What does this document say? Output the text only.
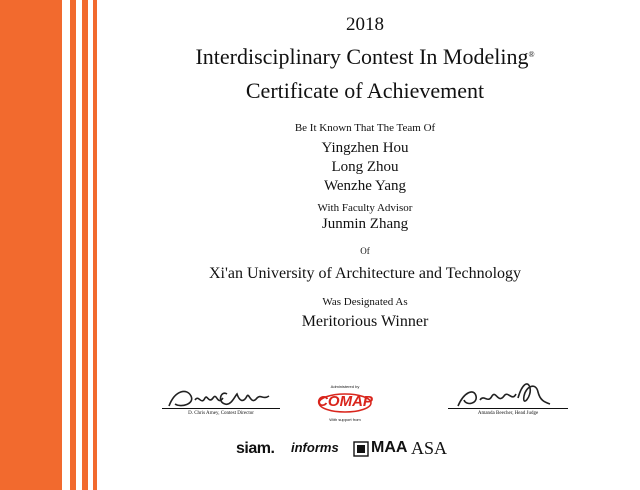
2018
Interdisciplinary Contest In Modeling®
Certificate of Achievement
Be It Known That The Team Of
Yingzhen Hou
Long Zhou
Wenzhe Yang
With Faculty Advisor
Junmin Zhang
Of
Xi'an University of Architecture and Technology
Was Designated As
Meritorious Winner
D. Chris Arney, Contest Director	Amanda Beecher, Head Judge
Administered by
COMAP
With support from
siam. informs MAA ASA
